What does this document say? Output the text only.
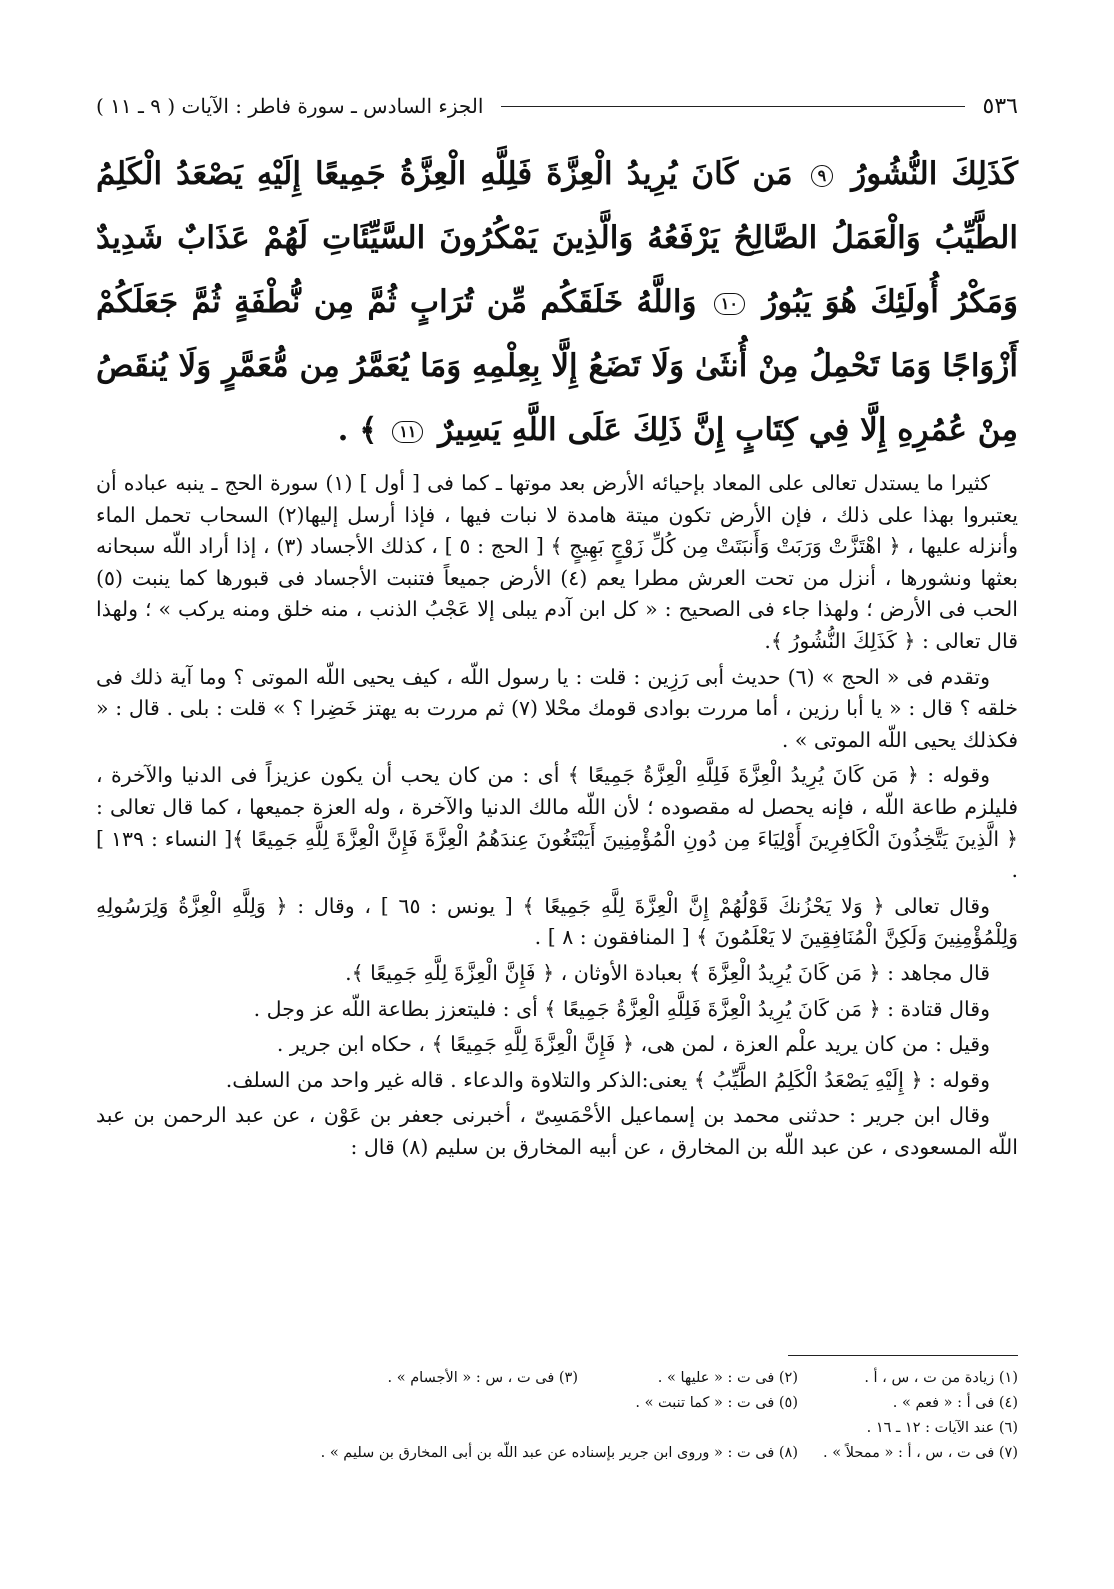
٥٣٦
الجزء السادس ـ سورة فاطر : الآيات ( ٩ ـ ١١ )
كَذَلِكَ النُّشُورُ ٩ مَن كَانَ يُرِيدُ الْعِزَّةَ فَلِلَّهِ الْعِزَّةُ جَمِيعًا إِلَيْهِ يَصْعَدُ الْكَلِمُ الطَّيِّبُ وَالْعَمَلُ الصَّالِحُ يَرْفَعُهُ وَالَّذِينَ يَمْكُرُونَ السَّيِّئَاتِ لَهُمْ عَذَابٌ شَدِيدٌ وَمَكْرُ أُولَئِكَ هُوَ يَبُورُ ١٠ وَاللَّهُ خَلَقَكُم مِّن تُرَابٍ ثُمَّ مِن نُّطْفَةٍ ثُمَّ جَعَلَكُمْ أَزْوَاجًا وَمَا تَحْمِلُ مِنْ أُنثَىٰ وَلَا تَضَعُ إِلَّا بِعِلْمِهِ وَمَا يُعَمَّرُ مِن مُّعَمَّرٍ وَلَا يُنقَصُ مِنْ عُمُرِهِ إِلَّا فِي كِتَابٍ إِنَّ ذَلِكَ عَلَى اللَّهِ يَسِيرٌ ١١ ﴾ .

كثيرا ما يستدل تعالى على المعاد بإحيائه الأرض بعد موتها ـ كما فى [ أول ] (١) سورة الحج ـ ينبه عباده أن يعتبروا بهذا على ذلك ، فإن الأرض تكون ميتة هامدة لا نبات فيها ، فإذا أرسل إليها(٢) السحاب تحمل الماء وأنزله عليها ، ﴿ اهْتَزَّتْ وَرَبَتْ وَأَنبَتَتْ مِن كُلِّ زَوْجٍ بَهِيجٍ ﴾ [ الحج : ٥ ] ، كذلك الأجساد (٣) ، إذا أراد اللّه سبحانه بعثها ونشورها ، أنزل من تحت العرش مطرا يعم (٤) الأرض جميعاً فتنبت الأجساد فى قبورها كما ينبت (٥) الحب فى الأرض ؛ ولهذا جاء فى الصحيح : « كل ابن آدم يبلى إلا عَجْبُ الذنب ، منه خلق ومنه يركب » ؛ ولهذا قال تعالى : ﴿ كَذَلِكَ النُّشُورُ ﴾.

وتقدم فى « الحج » (٦) حديث أبى رَزِين : قلت : يا رسول اللّه ، كيف يحيى اللّه الموتى ؟ وما آية ذلك فى خلقه ؟ قال : « يا أبا رزين ، أما مررت بوادى قومك محْلا (٧) ثم مررت به يهتز خَضِرا ؟ » قلت : بلى . قال : « فكذلك يحيى اللّه الموتى » .

وقوله : ﴿ مَن كَانَ يُرِيدُ الْعِزَّةَ فَلِلَّهِ الْعِزَّةُ جَمِيعًا ﴾ أى : من كان يحب أن يكون عزيزاً فى الدنيا والآخرة ، فليلزم طاعة اللّه ، فإنه يحصل له مقصوده ؛ لأن اللّه مالك الدنيا والآخرة ، وله العزة جميعها ، كما قال تعالى : ﴿ الَّذِينَ يَتَّخِذُونَ الْكَافِرِينَ أَوْلِيَاءَ مِن دُونِ الْمُؤْمِنِينَ أَيَبْتَغُونَ عِندَهُمُ الْعِزَّةَ فَإِنَّ الْعِزَّةَ لِلَّهِ جَمِيعًا ﴾[ النساء : ١٣٩ ] .

وقال تعالى ﴿ وَلا يَحْزُنكَ قَوْلُهُمْ إِنَّ الْعِزَّةَ لِلَّهِ جَمِيعًا ﴾ [ يونس : ٦٥ ] ، وقال : ﴿ وَلِلَّهِ الْعِزَّةُ وَلِرَسُولِهِ وَلِلْمُؤْمِنِينَ وَلَكِنَّ الْمُنَافِقِينَ لا يَعْلَمُونَ ﴾ [ المنافقون : ٨ ] .

قال مجاهد : ﴿ مَن كَانَ يُرِيدُ الْعِزَّةَ ﴾ بعبادة الأوثان ، ﴿ فَإِنَّ الْعِزَّةَ لِلَّهِ جَمِيعًا ﴾.

وقال قتادة : ﴿ مَن كَانَ يُرِيدُ الْعِزَّةَ فَلِلَّهِ الْعِزَّةُ جَمِيعًا ﴾ أى : فليتعزز بطاعة اللّه عز وجل .

وقيل : من كان يريد علْم العزة ، لمن هى، ﴿ فَإِنَّ الْعِزَّةَ لِلَّهِ جَمِيعًا ﴾ ، حكاه ابن جرير .

وقوله : ﴿ إِلَيْهِ يَصْعَدُ الْكَلِمُ الطَّيِّبُ ﴾ يعنى:الذكر والتلاوة والدعاء . قاله غير واحد من السلف.

وقال ابن جرير : حدثنى محمد بن إسماعيل الأحْمَسِىّ ، أخبرنى جعفر بن عَوْن ، عن عبد الرحمن بن عبد اللّه المسعودى ، عن عبد اللّه بن المخارق ، عن أبيه المخارق بن سليم (٨) قال :

(١) زيادة من ت ، س ، أ .
(٢) فى ت : « عليها » .
(٣) فى ت ، س : « الأجسام » .
(٤) فى أ : « فعم » .
(٥) فى ت : « كما تنبت » .
(٦) عند الآيات : ١٢ ـ ١٦ .
(٧) فى ت ، س ، أ : « ممحلاً » .
(٨) فى ت : « وروى ابن جرير بإسناده عن عبد اللّه بن أبى المخارق بن سليم » .
